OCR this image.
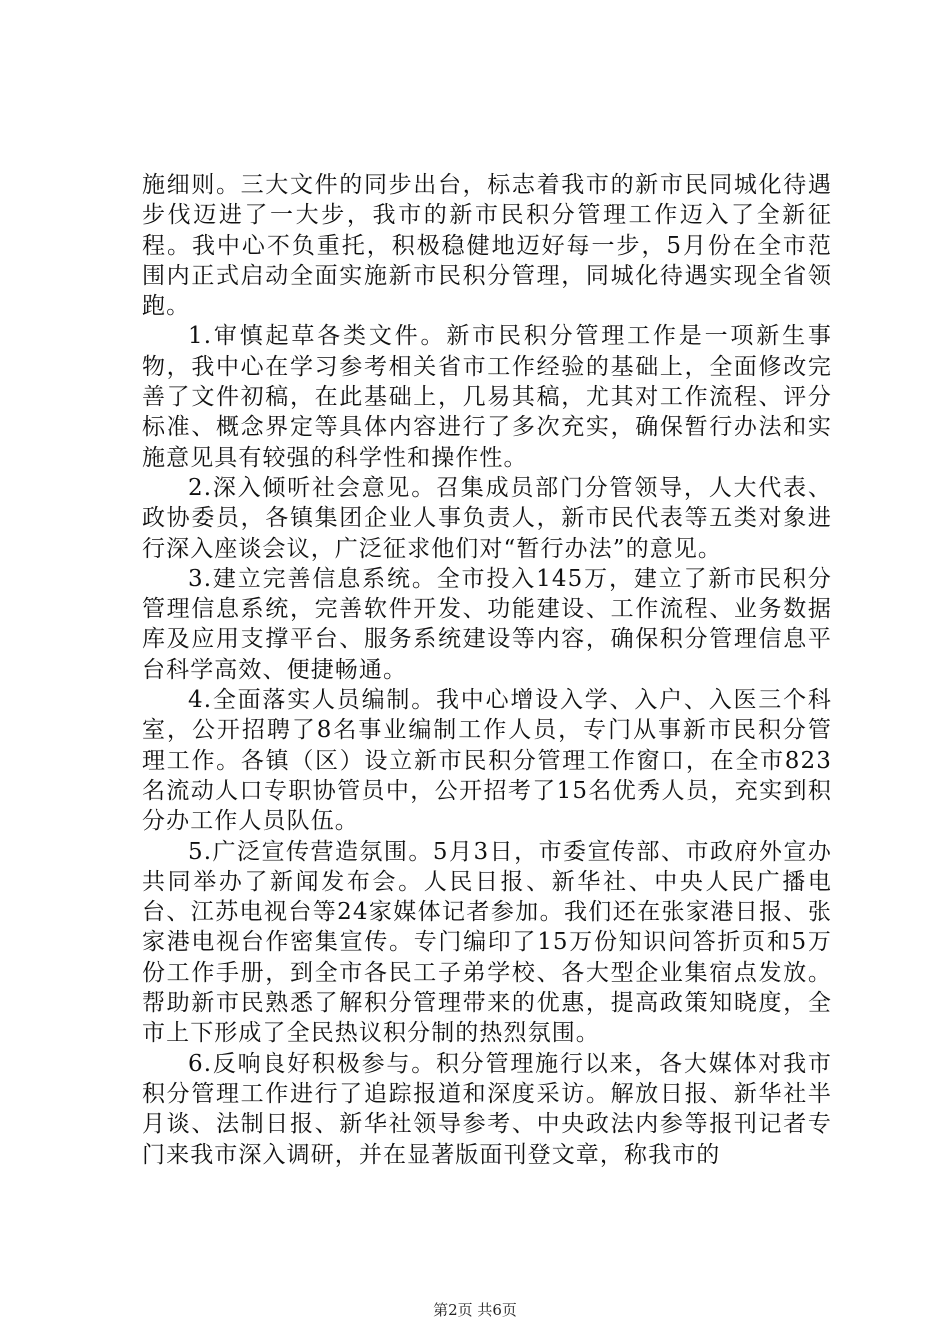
施细则。三大文件的同步出台，标志着我市的新市民同城化待遇步伐迈进了一大步，我市的新市民积分管理工作迈入了全新征程。我中心不负重托，积极稳健地迈好每一步，5月份在全市范围内正式启动全面实施新市民积分管理，同城化待遇实现全省领跑。

1.审慎起草各类文件。新市民积分管理工作是一项新生事物，我中心在学习参考相关省市工作经验的基础上，全面修改完善了文件初稿，在此基础上，几易其稿，尤其对工作流程、评分标准、概念界定等具体内容进行了多次充实，确保暂行办法和实施意见具有较强的科学性和操作性。

2.深入倾听社会意见。召集成员部门分管领导，人大代表、政协委员，各镇集团企业人事负责人，新市民代表等五类对象进行深入座谈会议，广泛征求他们对“暂行办法”的意见。

3.建立完善信息系统。全市投入145万，建立了新市民积分管理信息系统，完善软件开发、功能建设、工作流程、业务数据库及应用支撑平台、服务系统建设等内容，确保积分管理信息平台科学高效、便捷畅通。

4.全面落实人员编制。我中心增设入学、入户、入医三个科室，公开招聘了8名事业编制工作人员，专门从事新市民积分管理工作。各镇（区）设立新市民积分管理工作窗口，在全市823名流动人口专职协管员中，公开招考了15名优秀人员，充实到积分办工作人员队伍。

5.广泛宣传营造氛围。5月3日，市委宣传部、市政府外宣办共同举办了新闻发布会。人民日报、新华社、中央人民广播电台、江苏电视台等24家媒体记者参加。我们还在张家港日报、张家港电视台作密集宣传。专门编印了15万份知识问答折页和5万份工作手册，到全市各民工子弟学校、各大型企业集宿点发放。帮助新市民熟悉了解积分管理带来的优惠，提高政策知晓度，全市上下形成了全民热议积分制的热烈氛围。

6.反响良好积极参与。积分管理施行以来，各大媒体对我市积分管理工作进行了追踪报道和深度采访。解放日报、新华社半月谈、法制日报、新华社领导参考、中央政法内参等报刊记者专门来我市深入调研，并在显著版面刊登文章，称我市的

第2页 共6页
